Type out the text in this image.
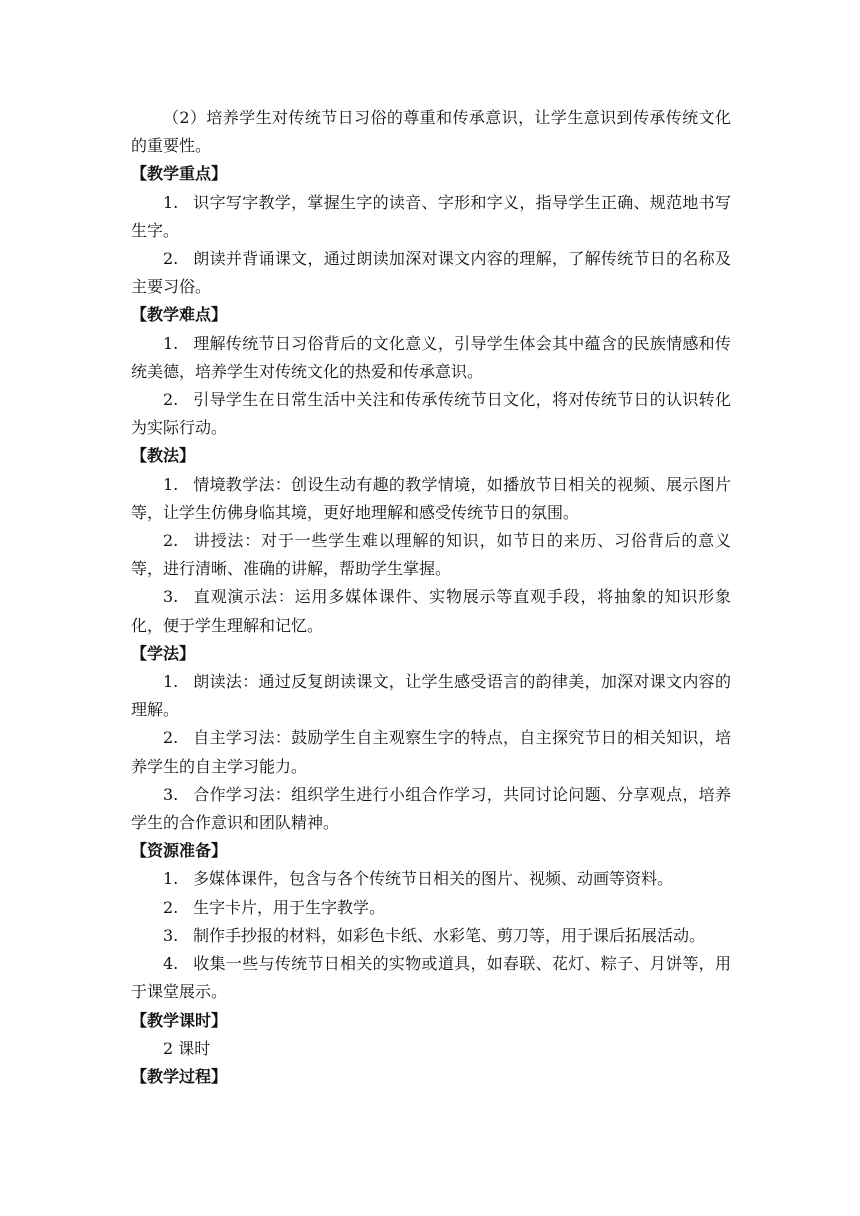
（2）培养学生对传统节日习俗的尊重和传承意识，让学生意识到传承传统文化的重要性。

【教学重点】

1. 识字写字教学，掌握生字的读音、字形和字义，指导学生正确、规范地书写生字。

2. 朗读并背诵课文，通过朗读加深对课文内容的理解，了解传统节日的名称及主要习俗。

【教学难点】

1. 理解传统节日习俗背后的文化意义，引导学生体会其中蕴含的民族情感和传统美德，培养学生对传统文化的热爱和传承意识。

2. 引导学生在日常生活中关注和传承传统节日文化，将对传统节日的认识转化为实际行动。

【教法】

1. 情境教学法：创设生动有趣的教学情境，如播放节日相关的视频、展示图片等，让学生仿佛身临其境，更好地理解和感受传统节日的氛围。

2. 讲授法：对于一些学生难以理解的知识，如节日的来历、习俗背后的意义等，进行清晰、准确的讲解，帮助学生掌握。

3. 直观演示法：运用多媒体课件、实物展示等直观手段，将抽象的知识形象化，便于学生理解和记忆。

【学法】

1. 朗读法：通过反复朗读课文，让学生感受语言的韵律美，加深对课文内容的理解。

2. 自主学习法：鼓励学生自主观察生字的特点，自主探究节日的相关知识，培养学生的自主学习能力。

3. 合作学习法：组织学生进行小组合作学习，共同讨论问题、分享观点，培养学生的合作意识和团队精神。

【资源准备】

1. 多媒体课件，包含与各个传统节日相关的图片、视频、动画等资料。

2. 生字卡片，用于生字教学。

3. 制作手抄报的材料，如彩色卡纸、水彩笔、剪刀等，用于课后拓展活动。

4. 收集一些与传统节日相关的实物或道具，如春联、花灯、粽子、月饼等，用于课堂展示。

【教学课时】

2 课时

【教学过程】
